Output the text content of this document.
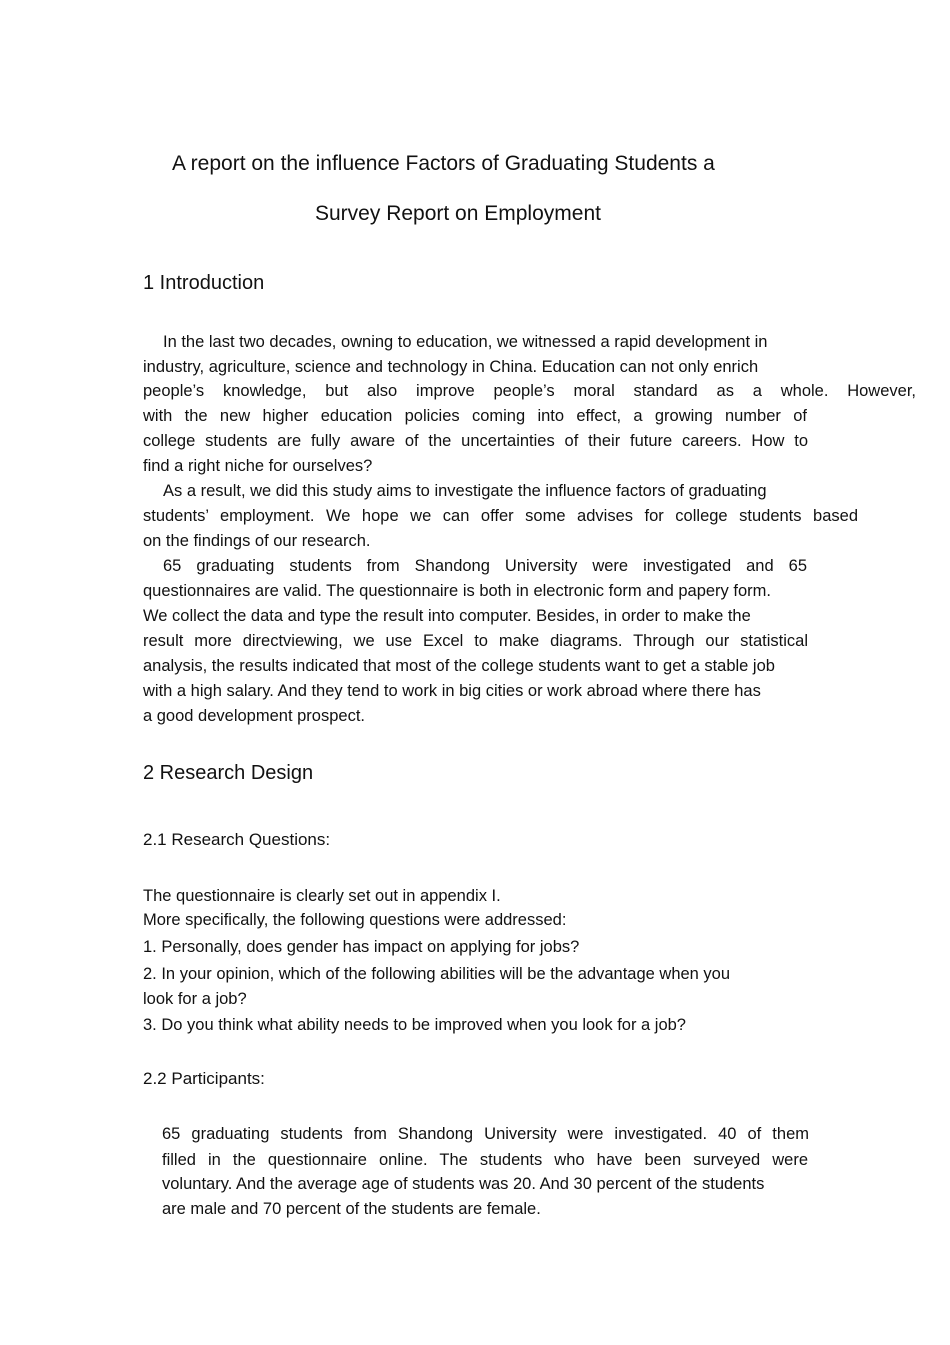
A report on the influence Factors of Graduating Students a
Survey Report on Employment
1 Introduction
In the last two decades, owning to education, we witnessed a rapid development in
industry, agriculture, science and technology in China. Education can not only enrich
people’s knowledge, but also improve people’s moral standard as a whole. However,
with the new higher education policies coming into effect, a growing number of
college students are fully aware of the uncertainties of their future careers. How to
find a right niche for ourselves?
As a result, we did this study aims to investigate the influence factors of graduating
students’ employment. We hope we can offer some advises for college students based
on the findings of our research.
65 graduating students from Shandong University were investigated and 65
questionnaires are valid. The questionnaire is both in electronic form and papery form.
We collect the data and type the result into computer. Besides, in order to make the
result more directviewing, we use Excel to make diagrams. Through our statistical
analysis, the results indicated that most of the college students want to get a stable job
with a high salary. And they tend to work in big cities or work abroad where there has
a good development prospect.
2 Research Design
2.1 Research Questions:
The questionnaire is clearly set out in appendix I.
More specifically, the following questions were addressed:
1. Personally, does gender has impact on applying for jobs?
2. In your opinion, which of the following abilities will be the advantage when you
look for a job?
3. Do you think what ability needs to be improved when you look for a job?
2.2 Participants:
65 graduating students from Shandong University were investigated. 40 of them
filled in the questionnaire online. The students who have been surveyed were
voluntary. And the average age of students was 20. And 30 percent of the students
are male and 70 percent of the students are female.
